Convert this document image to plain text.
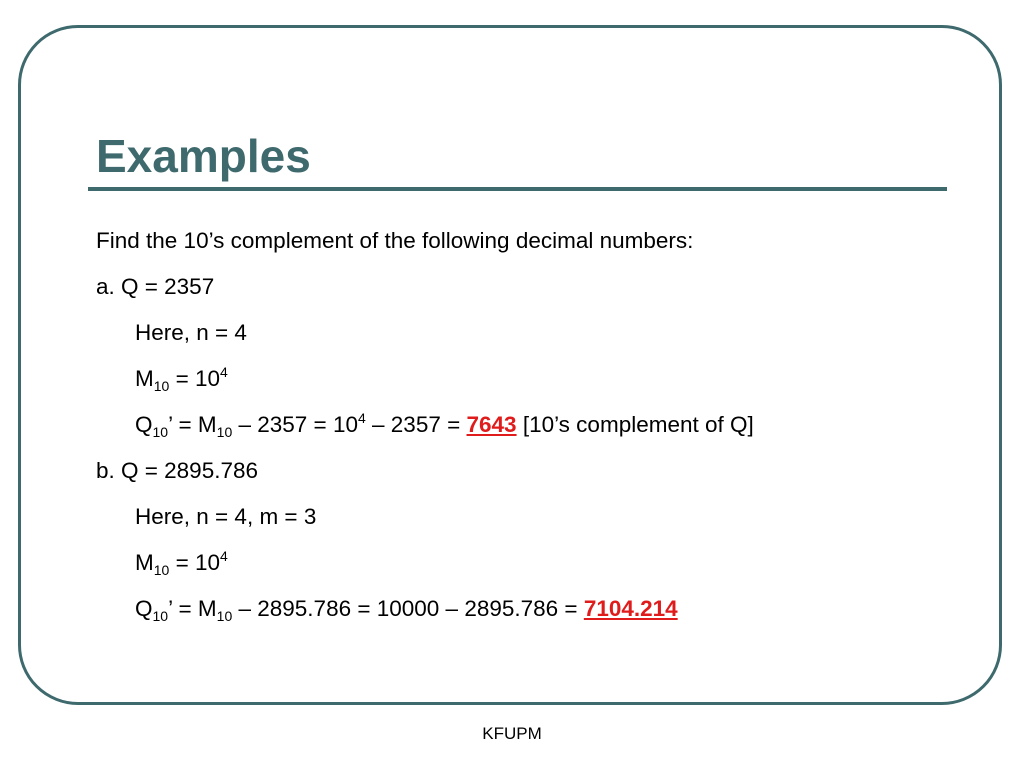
Examples
Find the 10’s complement of the following decimal numbers:
a. Q = 2357
Here, n = 4
$M_{10} = 10^4$
$Q_{10}$’ = $M_{10} - 2357 = 10^4 - 2357 = 7643$ [10’s complement of Q]
b. Q = 2895.786
Here, n = 4, m = 3
$M_{10} = 10^4$
$Q_{10}$’ = $M_{10} - 2895.786 = 10000 - 2895.786 = 7104.214$
KFUPM
